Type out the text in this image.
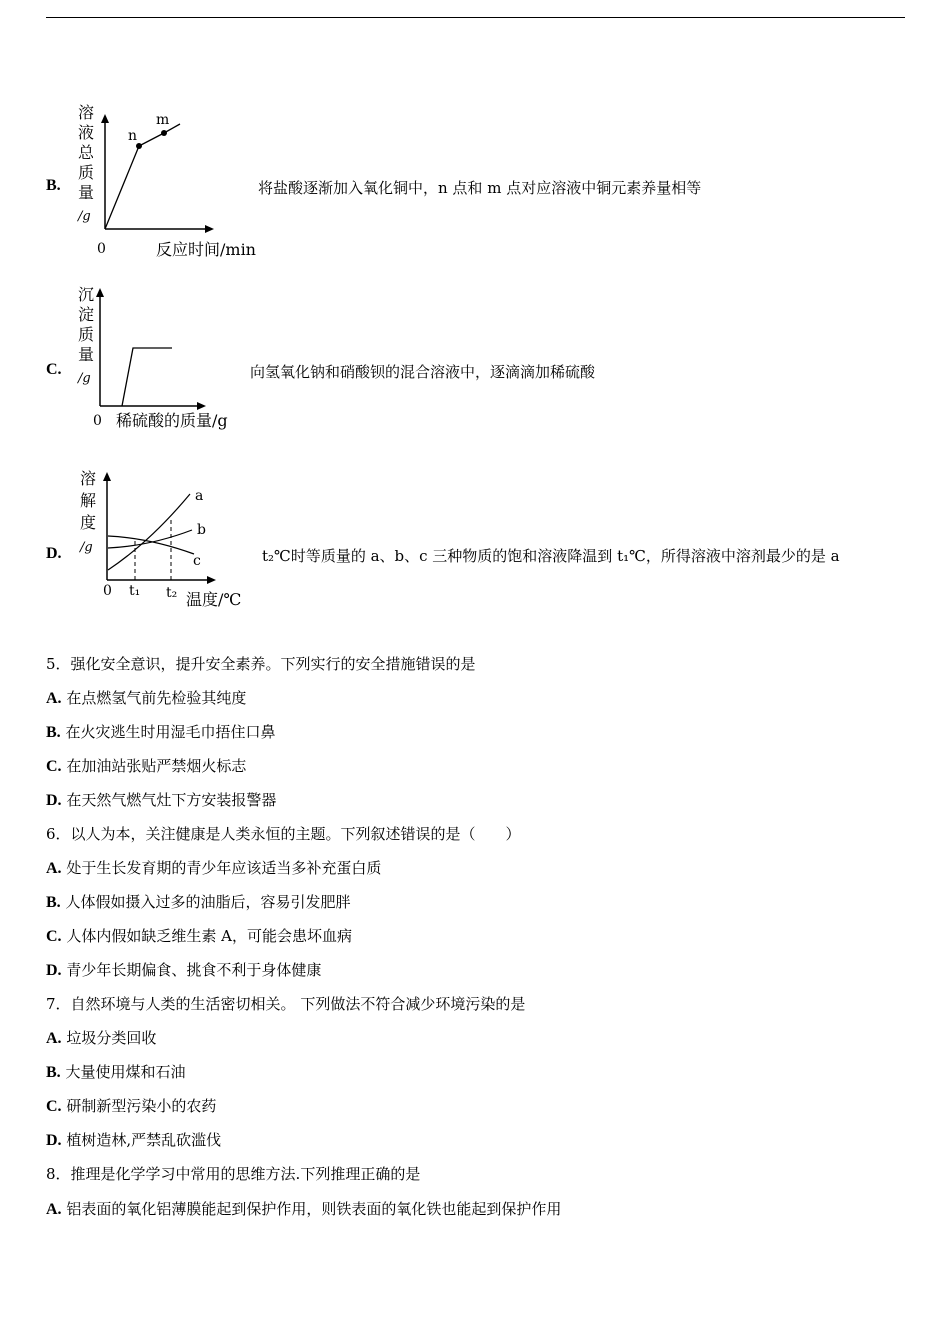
B.
溶
液
总
质
量
/g
n
m
0	反应时间/min
将盐酸逐渐加入氧化铜中，n 点和 m 点对应溶液中铜元素养量相等
C.
沉
淀
质
量
/g
0 稀硫酸的质量/g
向氢氧化钠和硝酸钡的混合溶液中，逐滴滴加稀硫酸
D.
溶
解
度
/g
a
b
c
0 t₁ t₂ 温度/℃
t₂℃时等质量的 a、b、c 三种物质的饱和溶液降温到 t₁℃，所得溶液中溶剂最少的是 a
5．强化安全意识，提升安全素养。下列实行的安全措施错误的是
A. 在点燃氢气前先检验其纯度
B. 在火灾逃生时用湿毛巾捂住口鼻
C. 在加油站张贴严禁烟火标志
D. 在天然气燃气灶下方安装报警器
6．以人为本，关注健康是人类永恒的主题。下列叙述错误的是（　　）
A. 处于生长发育期的青少年应该适当多补充蛋白质
B. 人体假如摄入过多的油脂后，容易引发肥胖
C. 人体内假如缺乏维生素 A，可能会患坏血病
D. 青少年长期偏食、挑食不利于身体健康
7．自然环境与人类的生活密切相关。 下列做法不符合减少环境污染的是
A. 垃圾分类回收
B. 大量使用煤和石油
C. 研制新型污染小的农药
D. 植树造林,严禁乱砍滥伐
8．推理是化学学习中常用的思维方法.下列推理正确的是
A. 铝表面的氧化铝薄膜能起到保护作用，则铁表面的氧化铁也能起到保护作用
